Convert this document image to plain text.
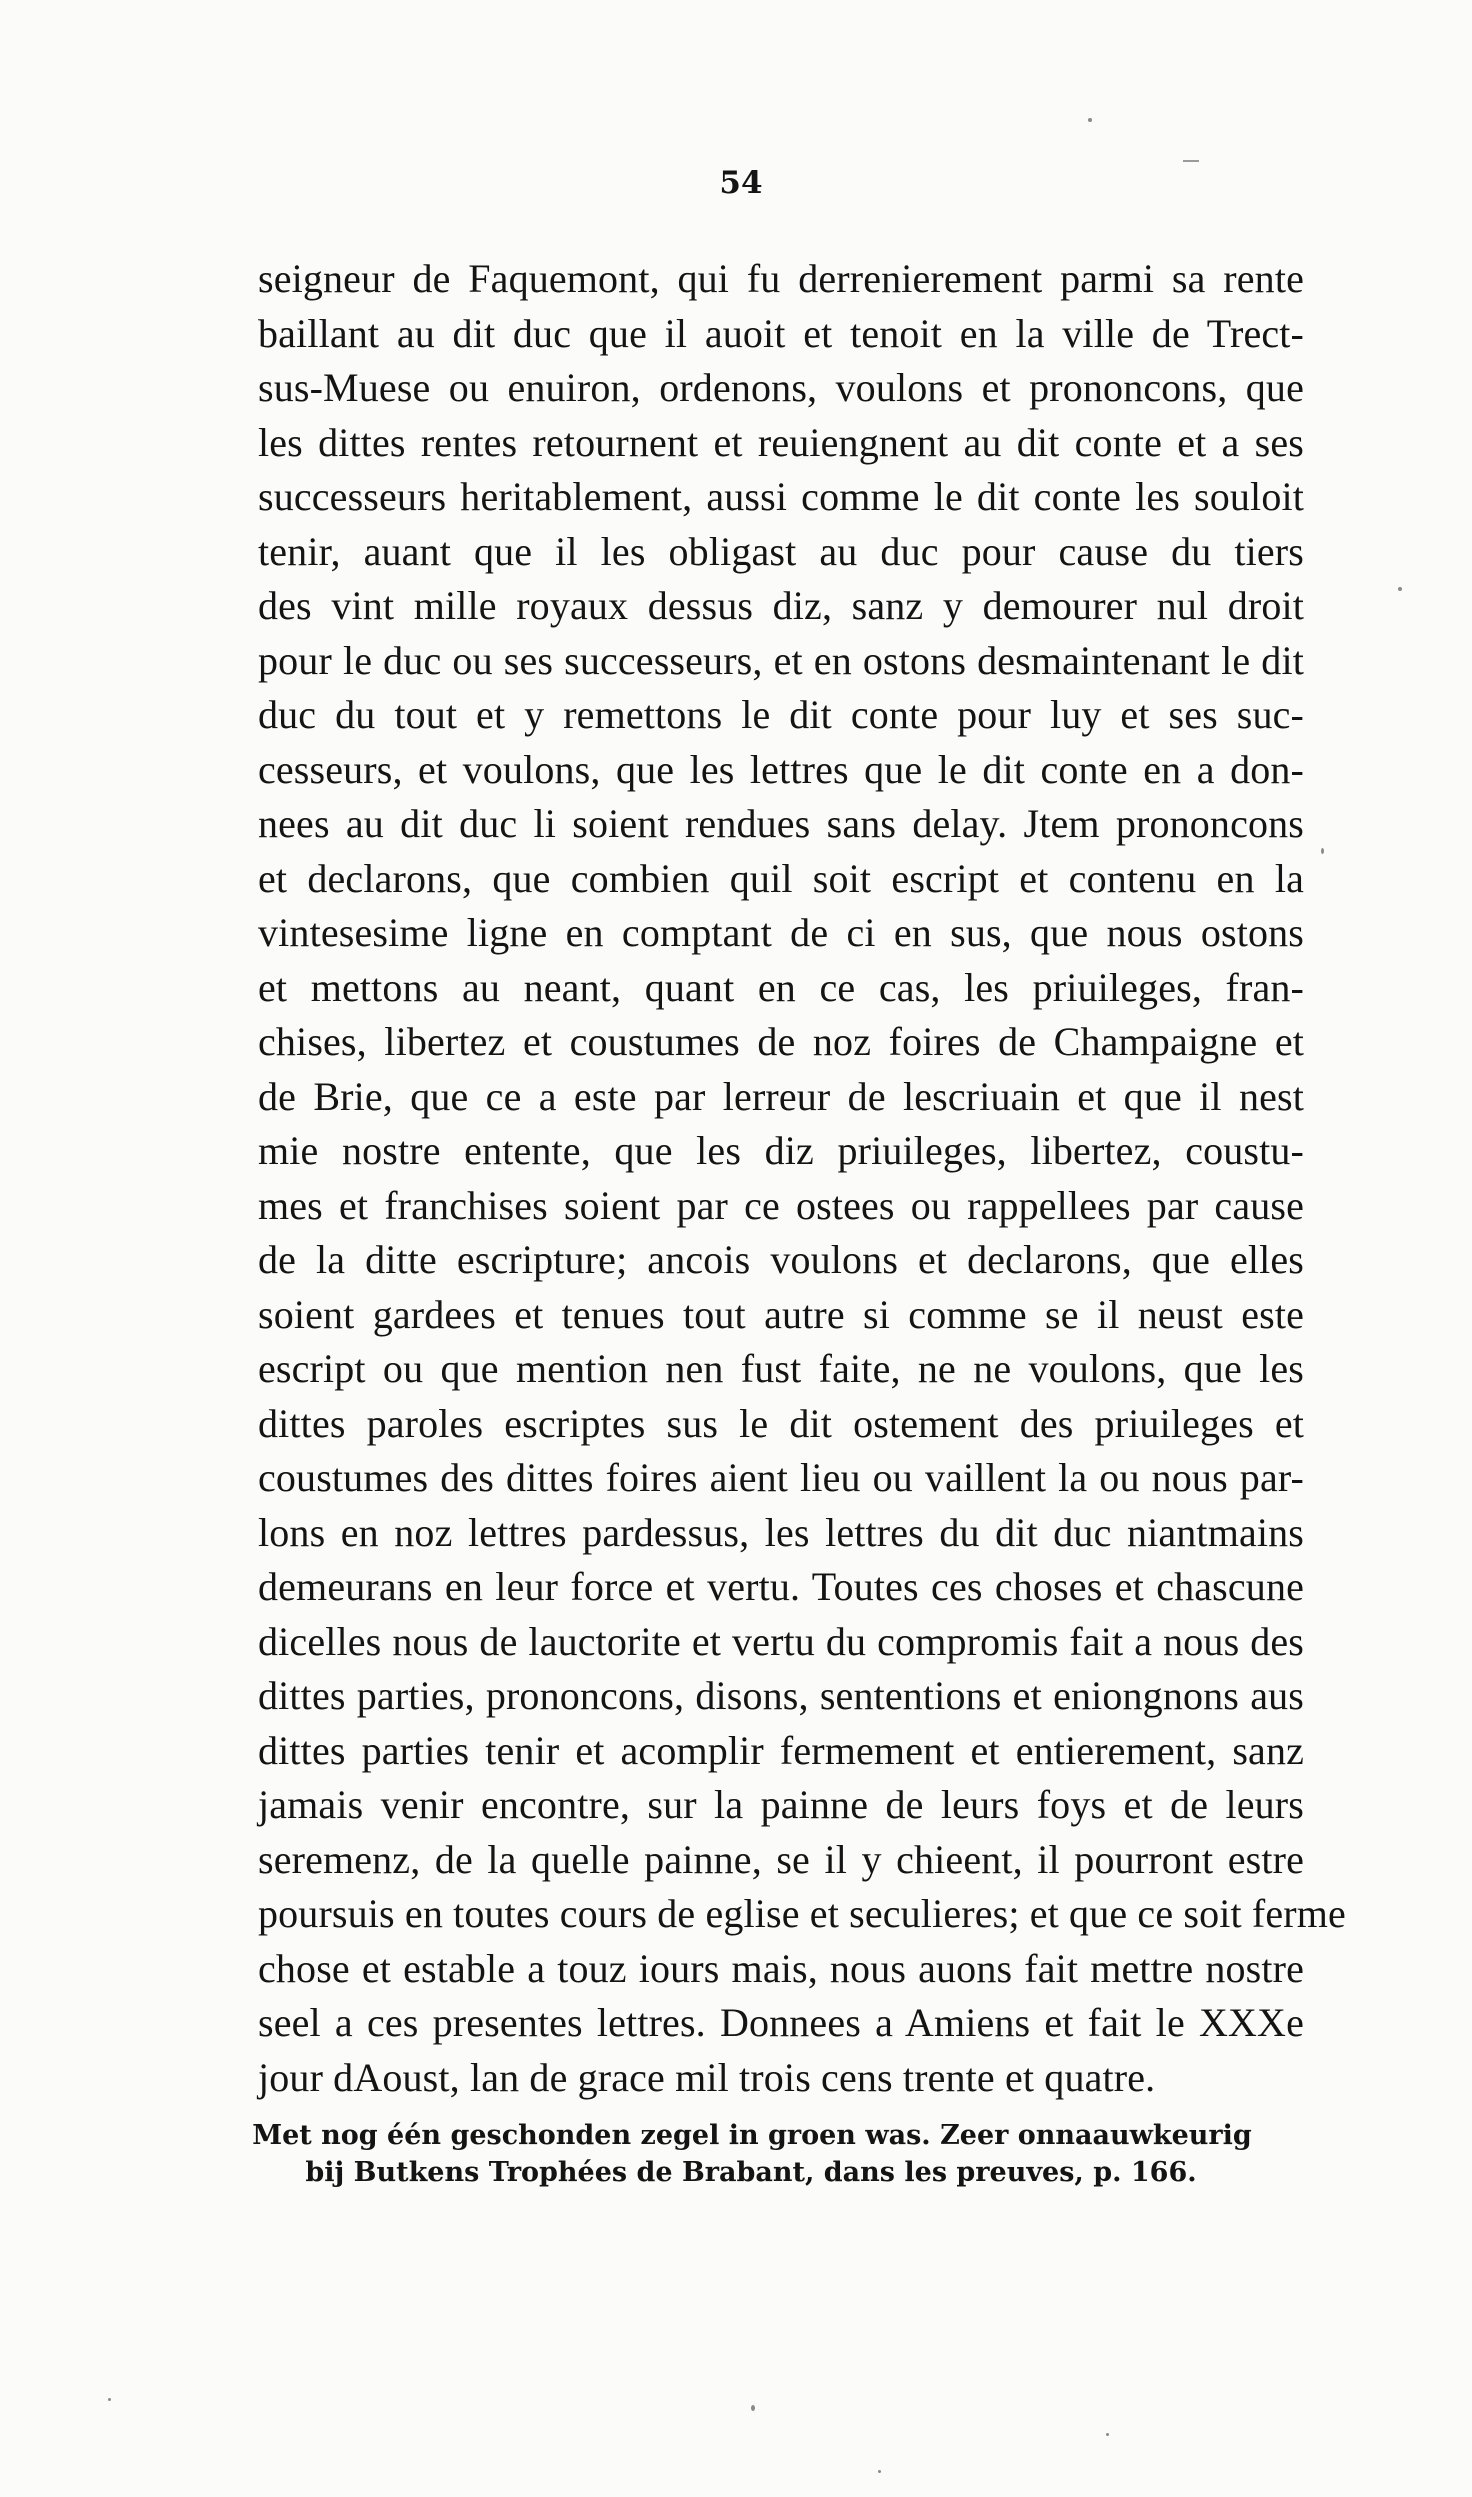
54
seigneur de Faquemont, qui fu derrenierement parmi sa rente
baillant au dit duc que il auoit et tenoit en la ville de Trect-
sus-Muese ou enuiron, ordenons, voulons et prononcons, que
les dittes rentes retournent et reuiengnent au dit conte et a ses
successeurs heritablement, aussi comme le dit conte les souloit
tenir, auant que il les obligast au duc pour cause du tiers
des vint mille royaux dessus diz, sanz y demourer nul droit
pour le duc ou ses successeurs, et en ostons desmaintenant le dit
duc du tout et y remettons le dit conte pour luy et ses suc-
cesseurs, et voulons, que les lettres que le dit conte en a don-
nees au dit duc li soient rendues sans delay. Jtem prononcons
et declarons, que combien quil soit escript et contenu en la
vintesesime ligne en comptant de ci en sus, que nous ostons
et mettons au neant, quant en ce cas, les priuileges, fran-
chises, libertez et coustumes de noz foires de Champaigne et
de Brie, que ce a este par lerreur de lescriuain et que il nest
mie nostre entente, que les diz priuileges, libertez, coustu-
mes et franchises soient par ce ostees ou rappellees par cause
de la ditte escripture; ancois voulons et declarons, que elles
soient gardees et tenues tout autre si comme se il neust este
escript ou que mention nen fust faite, ne ne voulons, que les
dittes paroles escriptes sus le dit ostement des priuileges et
coustumes des dittes foires aient lieu ou vaillent la ou nous par-
lons en noz lettres pardessus, les lettres du dit duc niantmains
demeurans en leur force et vertu. Toutes ces choses et chascune
dicelles nous de lauctorite et vertu du compromis fait a nous des
dittes parties, prononcons, disons, sententions et eniongnons aus
dittes parties tenir et acomplir fermement et entierement, sanz
jamais venir encontre, sur la painne de leurs foys et de leurs
seremenz, de la quelle painne, se il y chieent, il pourront estre
poursuis en toutes cours de eglise et seculieres; et que ce soit ferme
chose et estable a touz iours mais, nous auons fait mettre nostre
seel a ces presentes lettres. Donnees a Amiens et fait le XXXe
jour dAoust, lan de grace mil trois cens trente et quatre.
Met nog één geschonden zegel in groen was. Zeer onnaauwkeurig
bij Butkens Trophées de Brabant, dans les preuves, p. 166.
